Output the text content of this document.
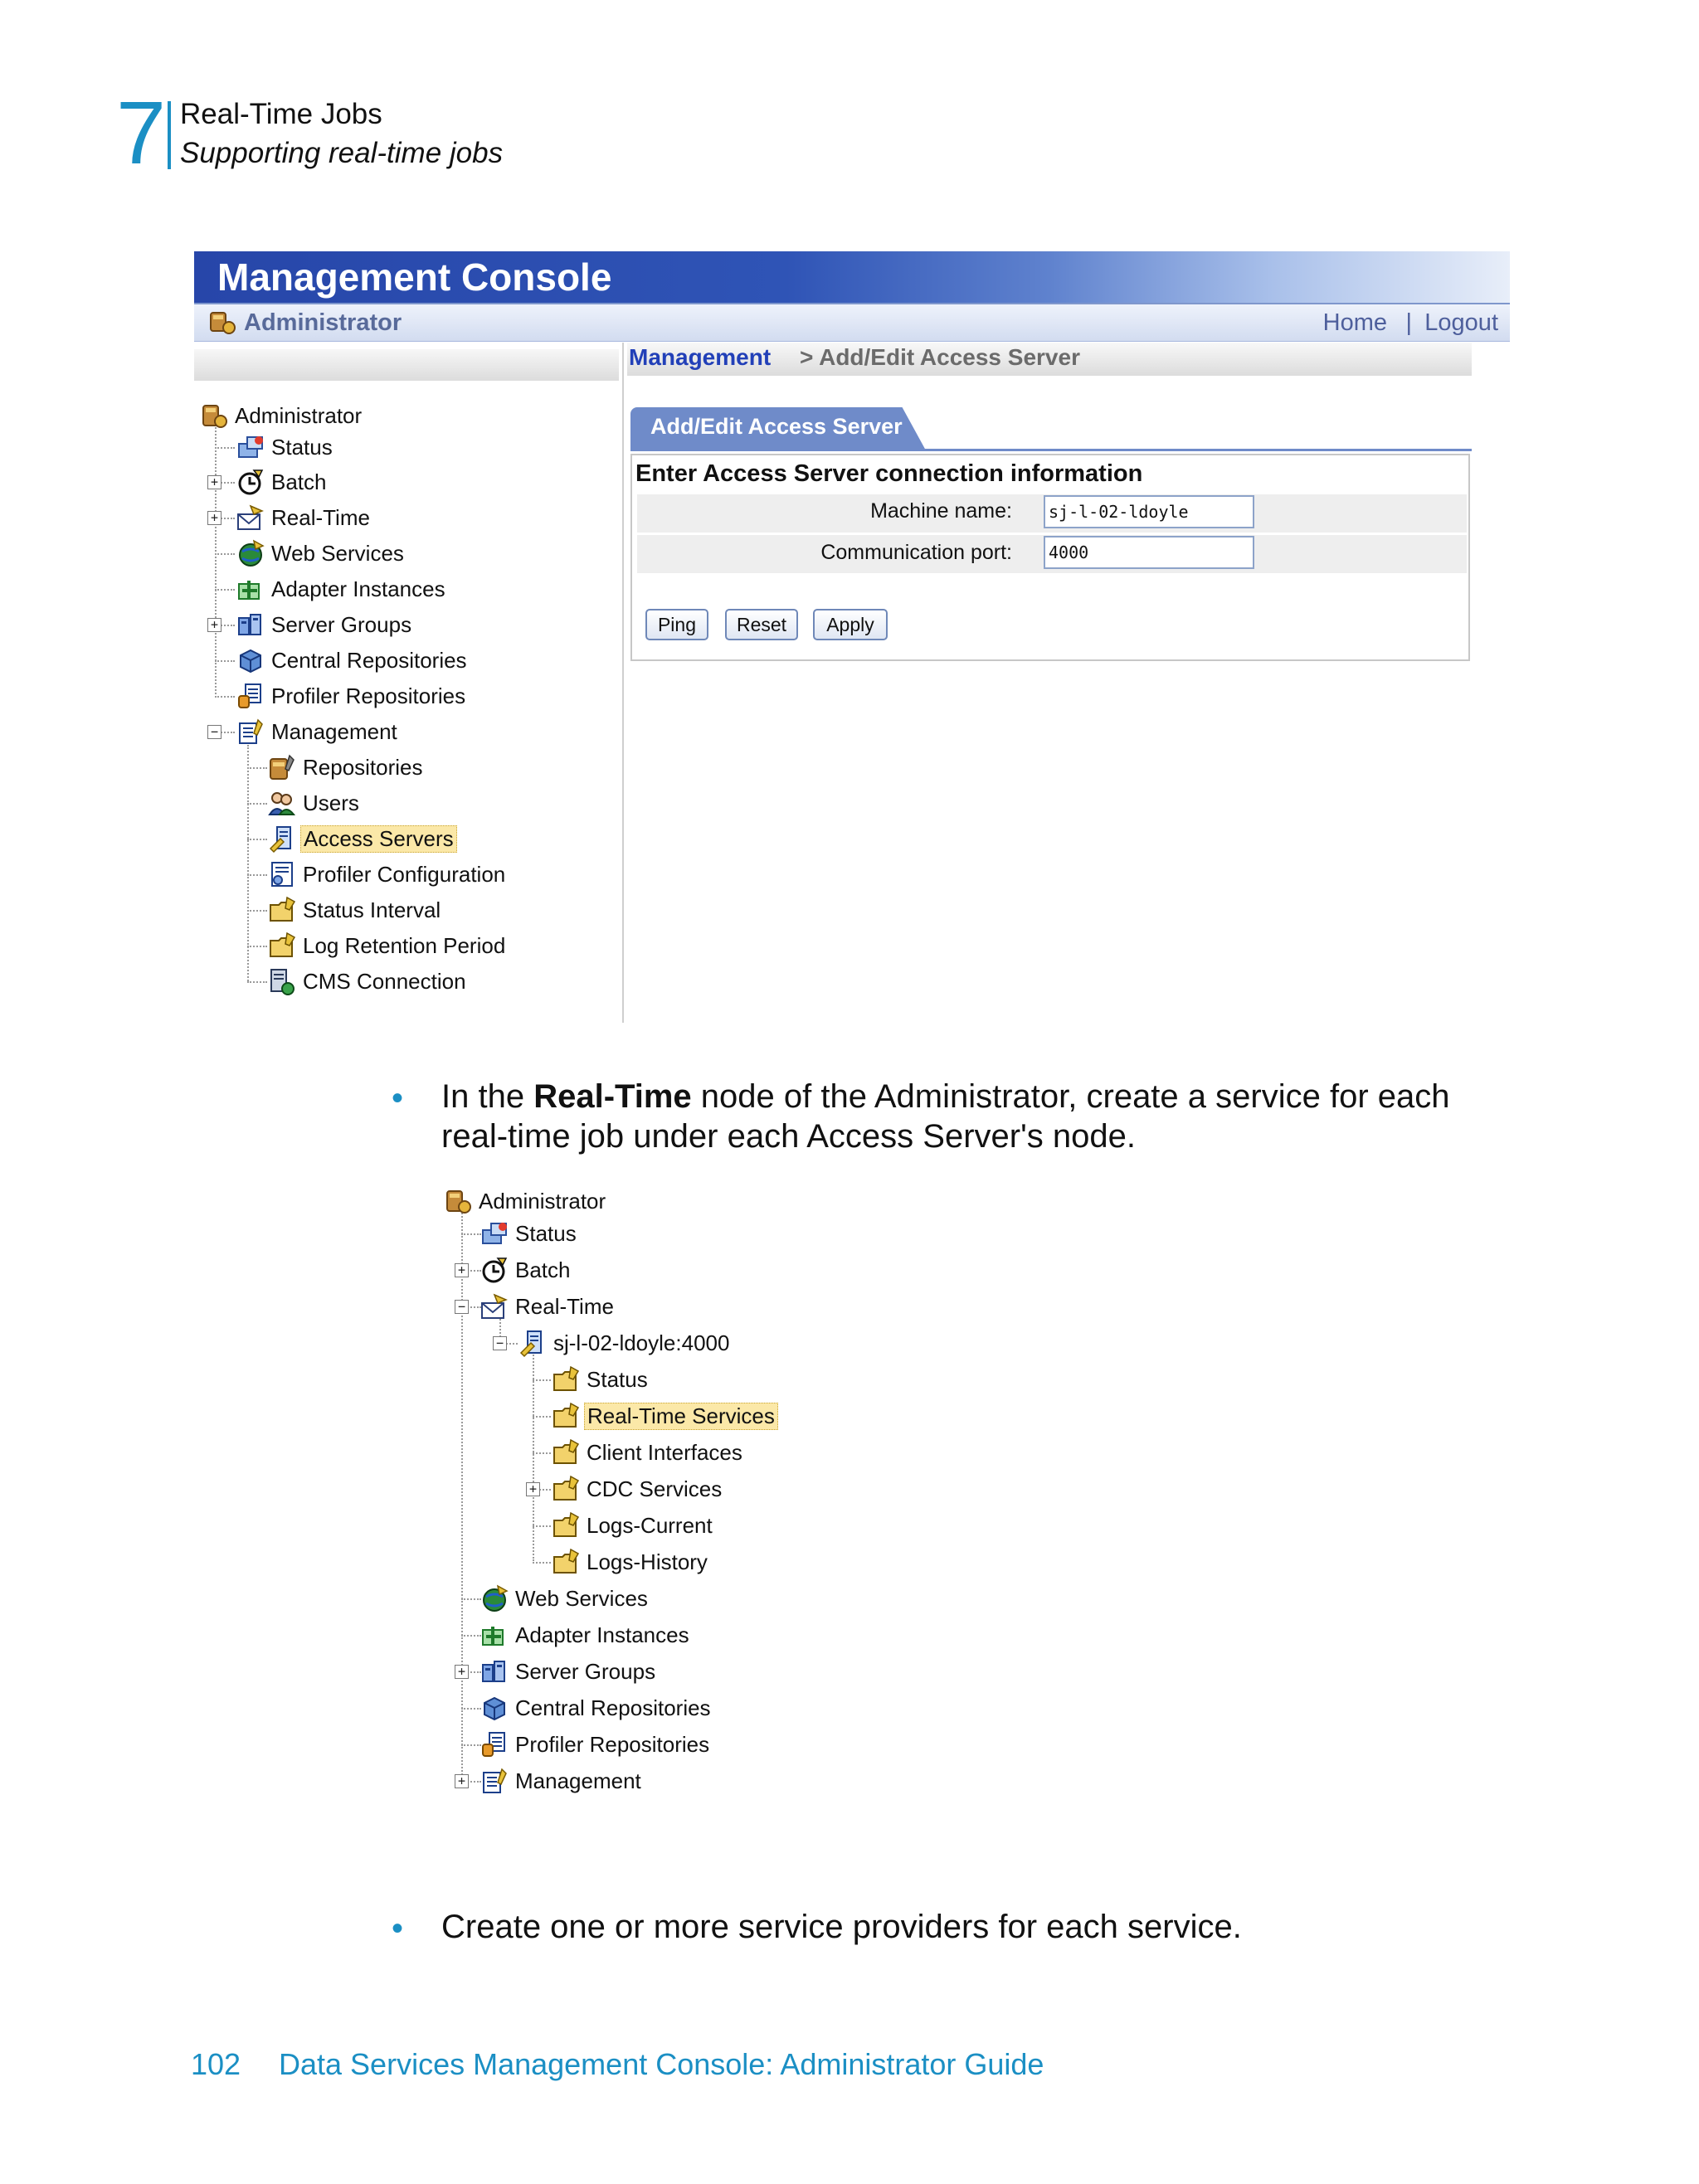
7 Real-Time Jobs
Supporting real-time jobs
Management Console
Administrator	Home | Logout
Management > Add/Edit Access Server
Add/Edit Access Server
Enter Access Server connection information
Machine name:	sj-l-02-ldoyle
Communication port:	4000
Ping	Reset	Apply
Administrator
Status
Batch
+
Real-Time
+
Web Services
Adapter Instances
Server Groups
+
Central Repositories
Profiler Repositories
Management
−
Repositories
Users
Access Servers
Profiler Configuration
Status Interval
Log Retention Period
CMS Connection
• In the Real-Time node of the Administrator, create a service for each
real-time job under each Access Server's node.
Administrator
Status
Batch
+
Real-Time
−
sj-l-02-ldoyle:4000
−
Status
Real-Time Services
Client Interfaces
CDC Services
+
Logs-Current
Logs-History
Web Services
Adapter Instances
Server Groups
+
Central Repositories
Profiler Repositories
Management
+
• Create one or more service providers for each service.
102 Data Services Management Console: Administrator Guide
